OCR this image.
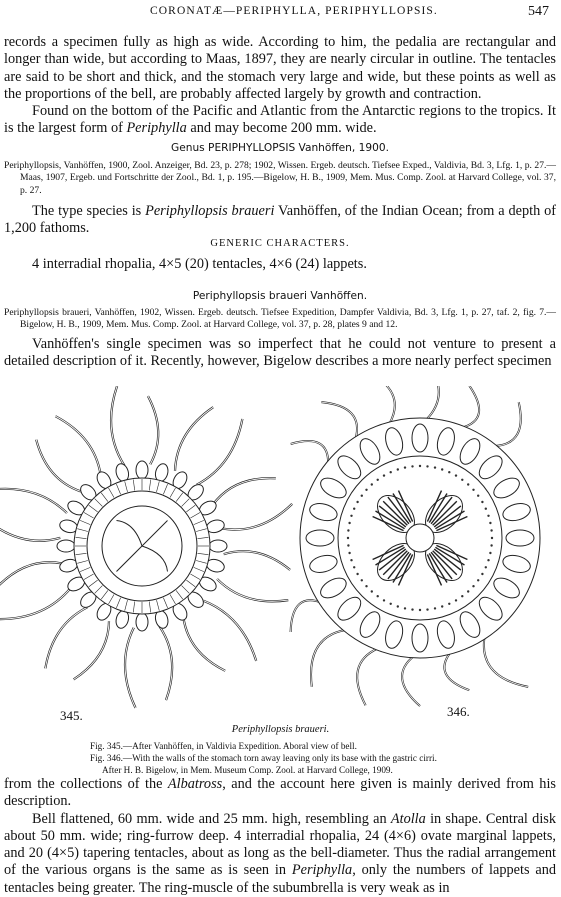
CORONATÆ—PERIPHYLLA, PERIPHYLLOPSIS.	547

records a specimen fully as high as wide. According to him, the pedalia are rectangular and longer than wide, but according to Maas, 1897, they are nearly circular in outline. The tentacles are said to be short and thick, and the stomach very large and wide, but these points as well as the proportions of the bell, are probably affected largely by growth and contraction.

Found on the bottom of the Pacific and Atlantic from the Antarctic regions to the tropics. It is the largest form of Periphylla and may become 200 mm. wide.

Genus PERIPHYLLOPSIS Vanhöffen, 1900.

Periphyllopsis, Vanhöffen, 1900, Zool. Anzeiger, Bd. 23, p. 278; 1902, Wissen. Ergeb. deutsch. Tiefsee Exped., Valdivia, Bd. 3, Lfg. 1, p. 27.—Maas, 1907, Ergeb. und Fortschritte der Zool., Bd. 1, p. 195.—Bigelow, H. B., 1909, Mem. Mus. Comp. Zool. at Harvard College, vol. 37, p. 27.

The type species is Periphyllopsis braueri Vanhöffen, of the Indian Ocean; from a depth of 1,200 fathoms.

GENERIC CHARACTERS.

4 interradial rhopalia, 4×5 (20) tentacles, 4×6 (24) lappets.

Periphyllopsis braueri Vanhöffen.

Periphyllopsis braueri, Vanhöffen, 1902, Wissen. Ergeb. deutsch. Tiefsee Expedition, Dampfer Valdivia, Bd. 3, Lfg. 1, p. 27, taf. 2, fig. 7.—Bigelow, H. B., 1909, Mem. Mus. Comp. Zool. at Harvard College, vol. 37, p. 28, plates 9 and 12.

Vanhöffen's single specimen was so imperfect that he could not venture to present a detailed description of it. Recently, however, Bigelow describes a more nearly perfect specimen

345.	346.
Periphyllopsis braueri.
Fig. 345.—After Vanhöffen, in Valdivia Expedition. Aboral view of bell.
Fig. 346.—With the walls of the stomach torn away leaving only its base with the gastric cirri.
After H. B. Bigelow, in Mem. Museum Comp. Zool. at Harvard College, 1909.

from the collections of the Albatross, and the account here given is mainly derived from his description.

Bell flattened, 60 mm. wide and 25 mm. high, resembling an Atolla in shape. Central disk about 50 mm. wide; ring-furrow deep. 4 interradial rhopalia, 24 (4×6) ovate marginal lappets, and 20 (4×5) tapering tentacles, about as long as the bell-diameter. Thus the radial arrangement of the various organs is the same as is seen in Periphylla, only the numbers of lappets and tentacles being greater. The ring-muscle of the subumbrella is very weak as in
